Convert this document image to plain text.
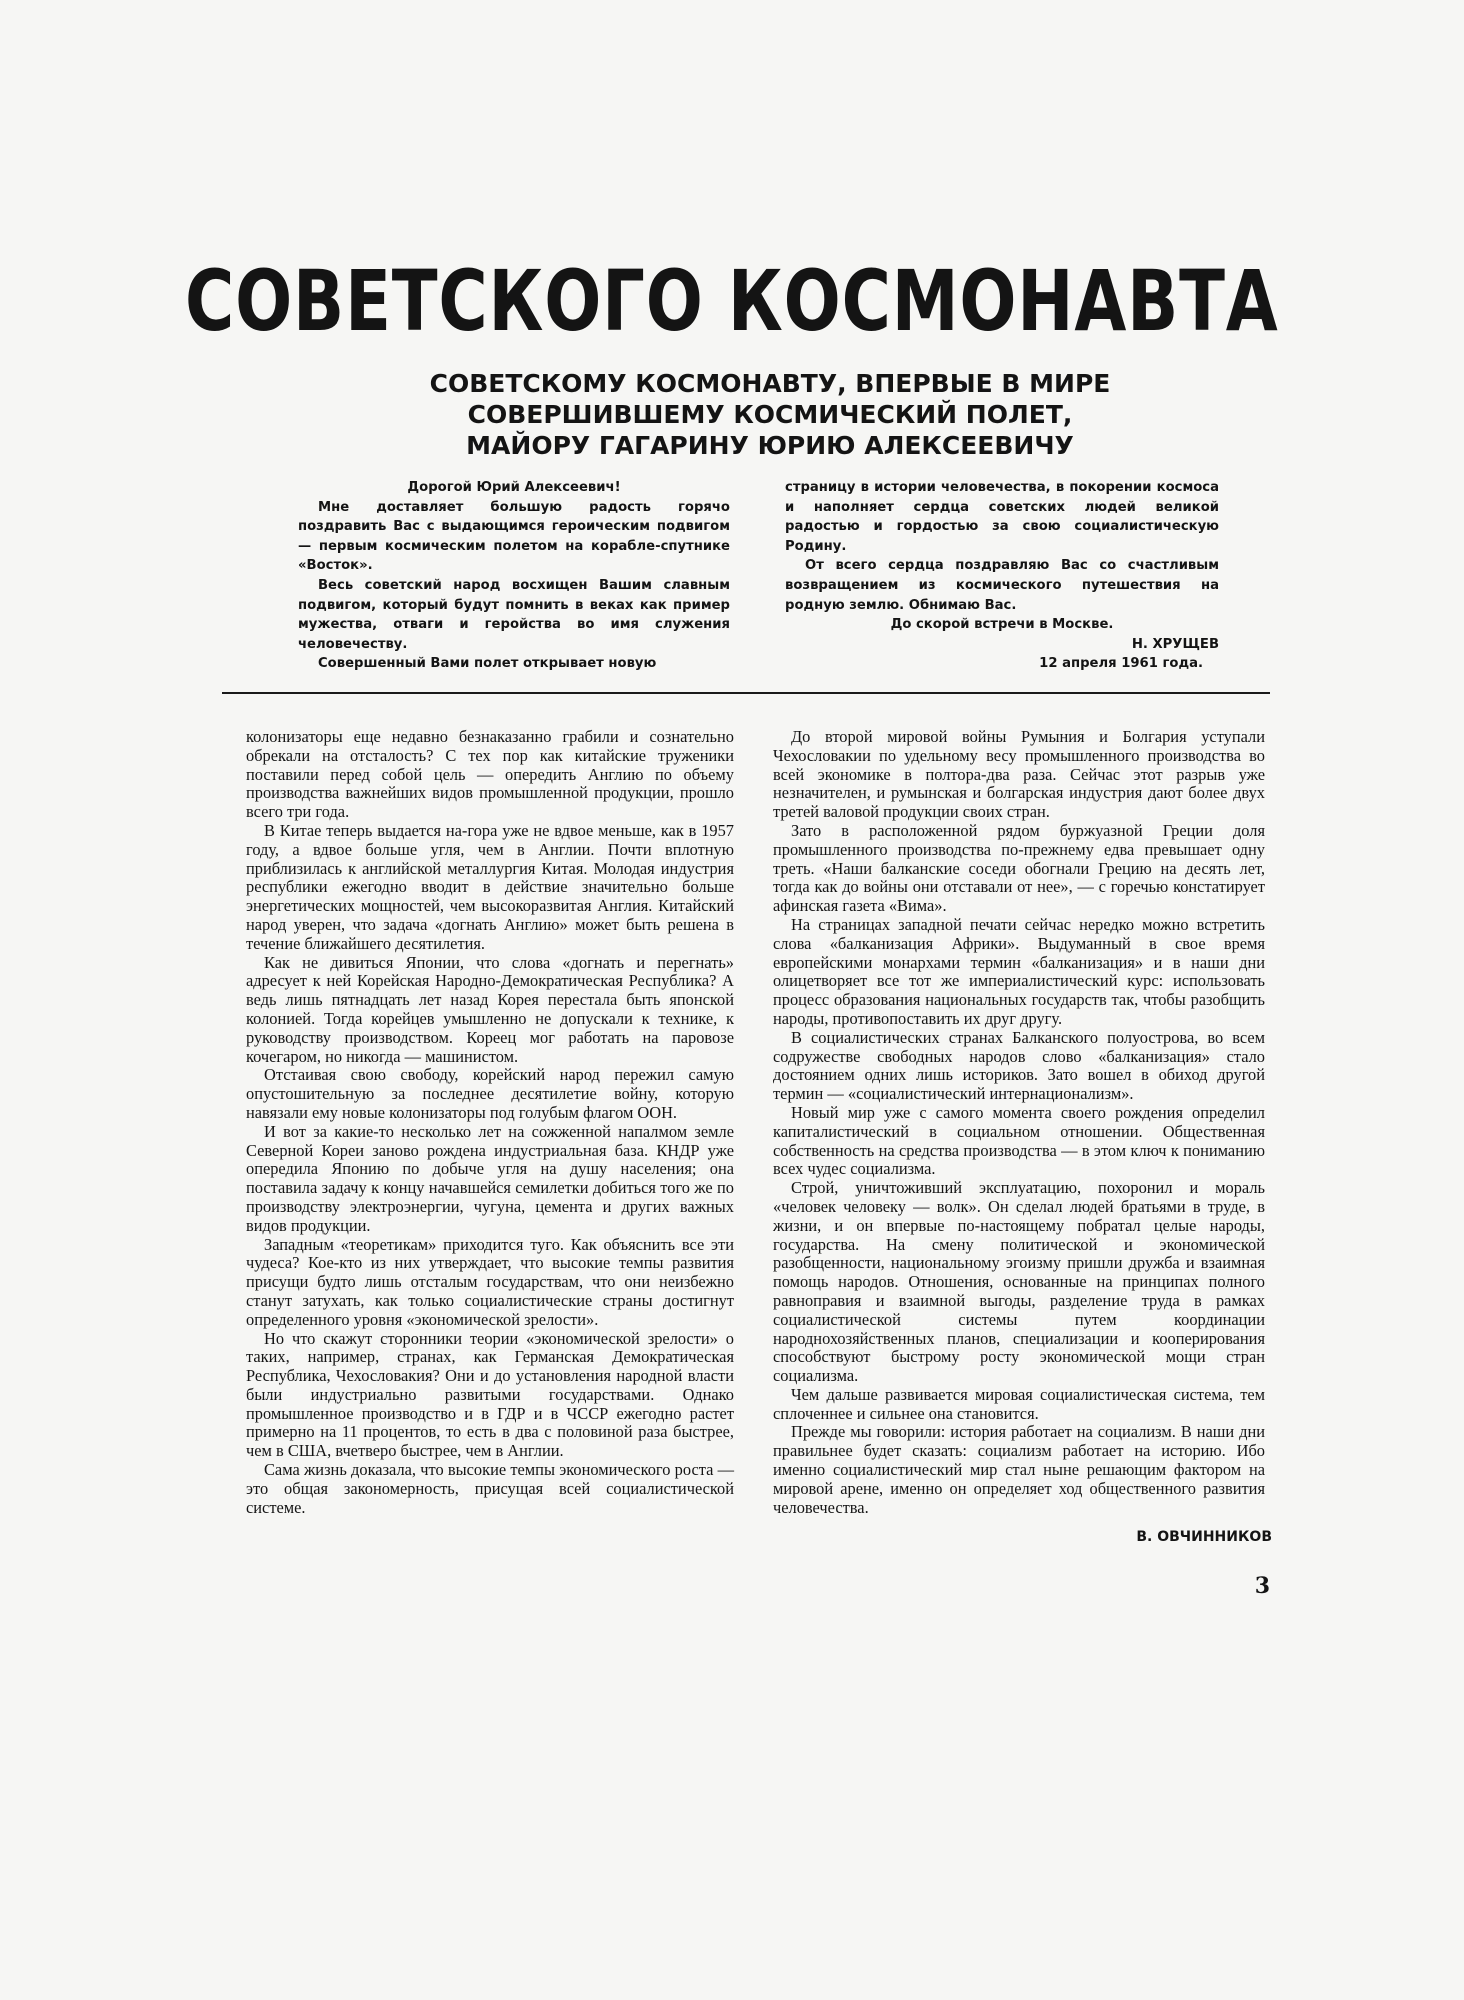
СОВЕТСКОГО КОСМОНАВТА
СОВЕТСКОМУ КОСМОНАВТУ, ВПЕРВЫЕ В МИРЕ
СОВЕРШИВШЕМУ КОСМИЧЕСКИЙ ПОЛЕТ,
МАЙОРУ ГАГАРИНУ ЮРИЮ АЛЕКСЕЕВИЧУ

Дорогой Юрий Алексеевич!

Мне доставляет большую радость горячо поздравить Вас с выдающимся героическим подвигом — первым космическим полетом на корабле-спутнике «Восток».

Весь советский народ восхищен Вашим славным подвигом, который будут помнить в веках как пример мужества, отваги и геройства во имя служения человечеству.

Совершенный Вами полет открывает новую

страницу в истории человечества, в покорении космоса и наполняет сердца советских людей великой радостью и гордостью за свою социалистическую Родину.

От всего сердца поздравляю Вас со счастливым возвращением из космического путешествия на родную землю. Обнимаю Вас.

До скорой встречи в Москве.

Н. ХРУЩЕВ

12 апреля 1961 года.

колонизаторы еще недавно безнаказанно грабили и сознательно обрекали на отсталость? С тех пор как китайские труженики поставили перед собой цель — опередить Англию по объему производства важнейших видов промышленной продукции, прошло всего три года.

В Китае теперь выдается на-гора уже не вдвое меньше, как в 1957 году, а вдвое больше угля, чем в Англии. Почти вплотную приблизилась к английской металлургия Китая. Молодая индустрия республики ежегодно вводит в действие значительно больше энергетических мощностей, чем высокоразвитая Англия. Китайский народ уверен, что задача «догнать Англию» может быть решена в течение ближайшего десятилетия.

Как не дивиться Японии, что слова «догнать и перегнать» адресует к ней Корейская Народно-Демократическая Республика? А ведь лишь пятнадцать лет назад Корея перестала быть японской колонией. Тогда корейцев умышленно не допускали к технике, к руководству производством. Кореец мог работать на паровозе кочегаром, но никогда — машинистом.

Отстаивая свою свободу, корейский народ пережил самую опустошительную за последнее десятилетие войну, которую навязали ему новые колонизаторы под голубым флагом ООН.

И вот за какие-то несколько лет на сожженной напалмом земле Северной Кореи заново рождена индустриальная база. КНДР уже опередила Японию по добыче угля на душу населения; она поставила задачу к концу начавшейся семилетки добиться того же по производству электроэнергии, чугуна, цемента и других важных видов продукции.

Западным «теоретикам» приходится туго. Как объяснить все эти чудеса? Кое-кто из них утверждает, что высокие темпы развития присущи будто лишь отсталым государствам, что они неизбежно станут затухать, как только социалистические страны достигнут определенного уровня «экономической зрелости».

Но что скажут сторонники теории «экономической зрелости» о таких, например, странах, как Германская Демократическая Республика, Чехословакия? Они и до установления народной власти были индустриально развитыми государствами. Однако промышленное производство и в ГДР и в ЧССР ежегодно растет примерно на 11 процентов, то есть в два с половиной раза быстрее, чем в США, вчетверо быстрее, чем в Англии.

Сама жизнь доказала, что высокие темпы экономического роста — это общая закономерность, присущая всей социалистической системе.

До второй мировой войны Румыния и Болгария уступали Чехословакии по удельному весу промышленного производства во всей экономике в полтора-два раза. Сейчас этот разрыв уже незначителен, и румынская и болгарская индустрия дают более двух третей валовой продукции своих стран.

Зато в расположенной рядом буржуазной Греции доля промышленного производства по-прежнему едва превышает одну треть. «Наши балканские соседи обогнали Грецию на десять лет, тогда как до войны они отставали от нее», — с горечью констатирует афинская газета «Вима».

На страницах западной печати сейчас нередко можно встретить слова «балканизация Африки». Выдуманный в свое время европейскими монархами термин «балканизация» и в наши дни олицетворяет все тот же империалистический курс: использовать процесс образования национальных государств так, чтобы разобщить народы, противопоставить их друг другу.

В социалистических странах Балканского полуострова, во всем содружестве свободных народов слово «балканизация» стало достоянием одних лишь историков. Зато вошел в обиход другой термин — «социалистический интернационализм».

Новый мир уже с самого момента своего рождения определил капиталистический в социальном отношении. Общественная собственность на средства производства — в этом ключ к пониманию всех чудес социализма.

Строй, уничтоживший эксплуатацию, похоронил и мораль «человек человеку — волк». Он сделал людей братьями в труде, в жизни, и он впервые по-настоящему побратал целые народы, государства. На смену политической и экономической разобщенности, национальному эгоизму пришли дружба и взаимная помощь народов. Отношения, основанные на принципах полного равноправия и взаимной выгоды, разделение труда в рамках социалистической системы путем координации народнохозяйственных планов, специализации и кооперирования способствуют быстрому росту экономической мощи стран социализма.

Чем дальше развивается мировая социалистическая система, тем сплоченнее и сильнее она становится.

Прежде мы говорили: история работает на социализм. В наши дни правильнее будет сказать: социализм работает на историю. Ибо именно социалистический мир стал ныне решающим фактором на мировой арене, именно он определяет ход общественного развития человечества.

В. ОВЧИННИКОВ
3
